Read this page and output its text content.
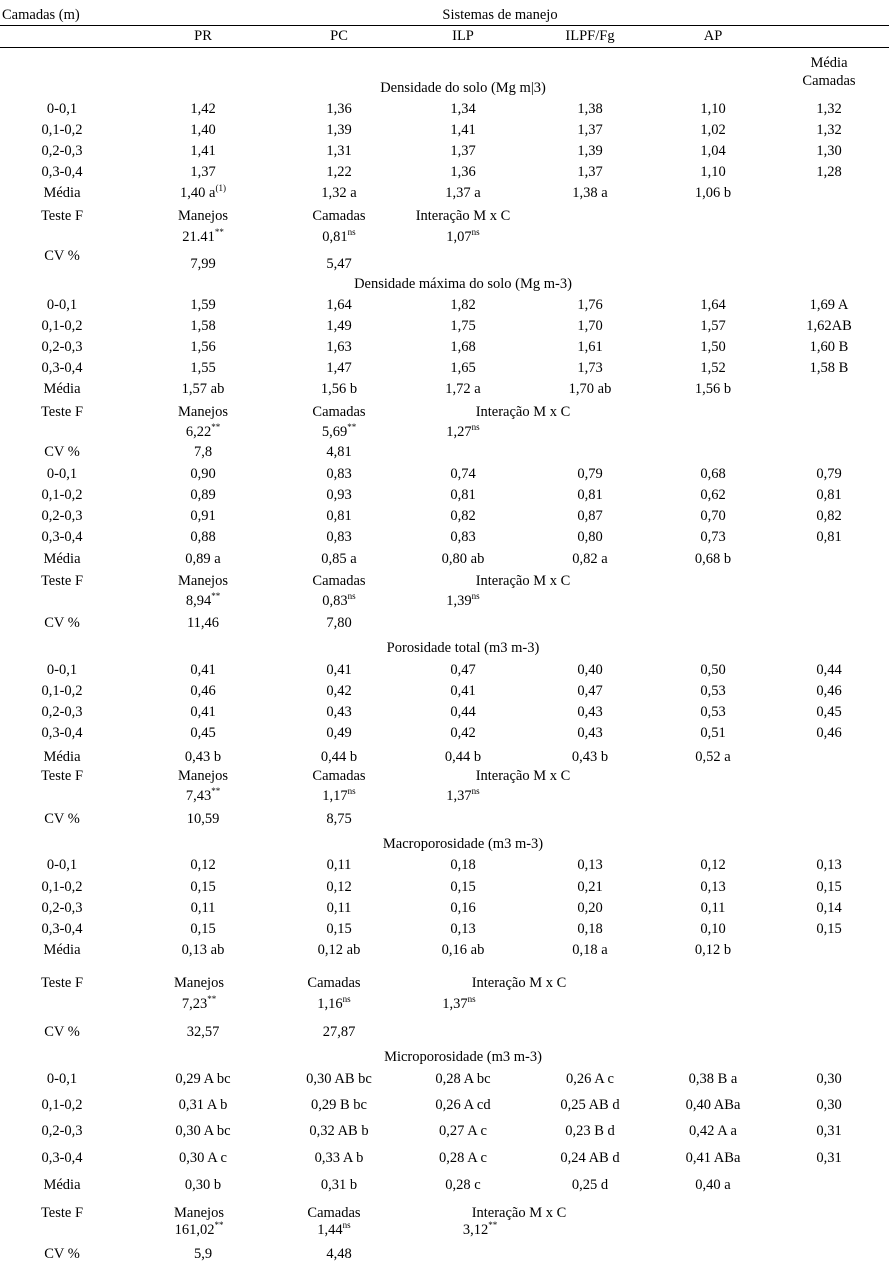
Camadas (m)	Sistemas de manejo
PR	PC	ILP	ILPF/Fg	AP
Média
Camadas
Densidade do solo (Mg m|3)
0-0,1	1,42	1,36	1,34	1,38	1,10	1,32
0,1-0,2	1,40	1,39	1,41	1,37	1,02	1,32
0,2-0,3	1,41	1,31	1,37	1,39	1,04	1,30
0,3-0,4	1,37	1,22	1,36	1,37	1,10	1,28
Média	1,40 $a^{(1)}$	1,32 a	1,37 a	1,38 a	1,06 b
Teste F	Manejos	Camadas	Interação M x C
21.41**	$0,81^{ns}$	$1,07^{ns}$
CV %	7,99	5,47
Densidade máxima do solo (Mg m-3)
0-0,1	1,59	1,64	1,82	1,76	1,64	1,69 A
0,1-0,2	1,58	1,49	1,75	1,70	1,57	1,62AB
0,2-0,3	1,56	1,63	1,68	1,61	1,50	1,60 B
0,3-0,4	1,55	1,47	1,65	1,73	1,52	1,58 B
Média	1,57 ab	1,56 b	1,72 a	1,70 ab	1,56 b
Teste F	Manejos	Camadas	Interação M x C
6,22**	5,69**	$1,27^{ns}$
CV %	7,8	4,81
0-0,1	0,90	0,83	0,74	0,79	0,68	0,79
0,1-0,2	0,89	0,93	0,81	0,81	0,62	0,81
0,2-0,3	0,91	0,81	0,82	0,87	0,70	0,82
0,3-0,4	0,88	0,83	0,83	0,80	0,73	0,81
Média	0,89 a	0,85 a	0,80 ab	0,82 a	0,68 b
Teste F	Manejos	Camadas	Interação M x C
8,94**	$0,83^{ns}$	$1,39^{ns}$
CV %	11,46	7,80
Porosidade total (m3 m-3)
0-0,1	0,41	0,41	0,47	0,40	0,50	0,44
0,1-0,2	0,46	0,42	0,41	0,47	0,53	0,46
0,2-0,3	0,41	0,43	0,44	0,43	0,53	0,45
0,3-0,4	0,45	0,49	0,42	0,43	0,51	0,46
Média	0,43 b	0,44 b	0,44 b	0,43 b	0,52 a
Teste F	Manejos	Camadas	Interação M x C
7,43**	$1,17^{ns}$	$1,37^{ns}$
CV %	10,59	8,75
Macroporosidade (m3 m-3)
0-0,1	0,12	0,11	0,18	0,13	0,12	0,13
0,1-0,2	0,15	0,12	0,15	0,21	0,13	0,15
0,2-0,3	0,11	0,11	0,16	0,20	0,11	0,14
0,3-0,4	0,15	0,15	0,13	0,18	0,10	0,15
Média	0,13 ab	0,12 ab	0,16 ab	0,18 a	0,12 b
Teste F	Manejos	Camadas	Interação M x C
7,23**	$1,16^{ns}$	$1,37^{ns}$
CV %	32,57	27,87
Microporosidade (m3 m-3)
0-0,1	0,29 A bc	0,30 AB bc	0,28 A bc	0,26 A c	0,38 B a	0,30
0,1-0,2	0,31 A b	0,29 B bc	0,26 A cd	0,25 AB d	0,40 ABa	0,30
0,2-0,3	0,30 A bc	0,32 AB b	0,27 A c	0,23 B d	0,42 A a	0,31
0,3-0,4	0,30 A c	0,33 A b	0,28 A c	0,24 AB d	0,41 ABa	0,31
Média	0,30 b	0,31 b	0,28 c	0,25 d	0,40 a
Teste F	Manejos	Camadas	Interação M x C
161,02**	$1,44^{ns}$	3,12**
CV %	5,9	4,48
